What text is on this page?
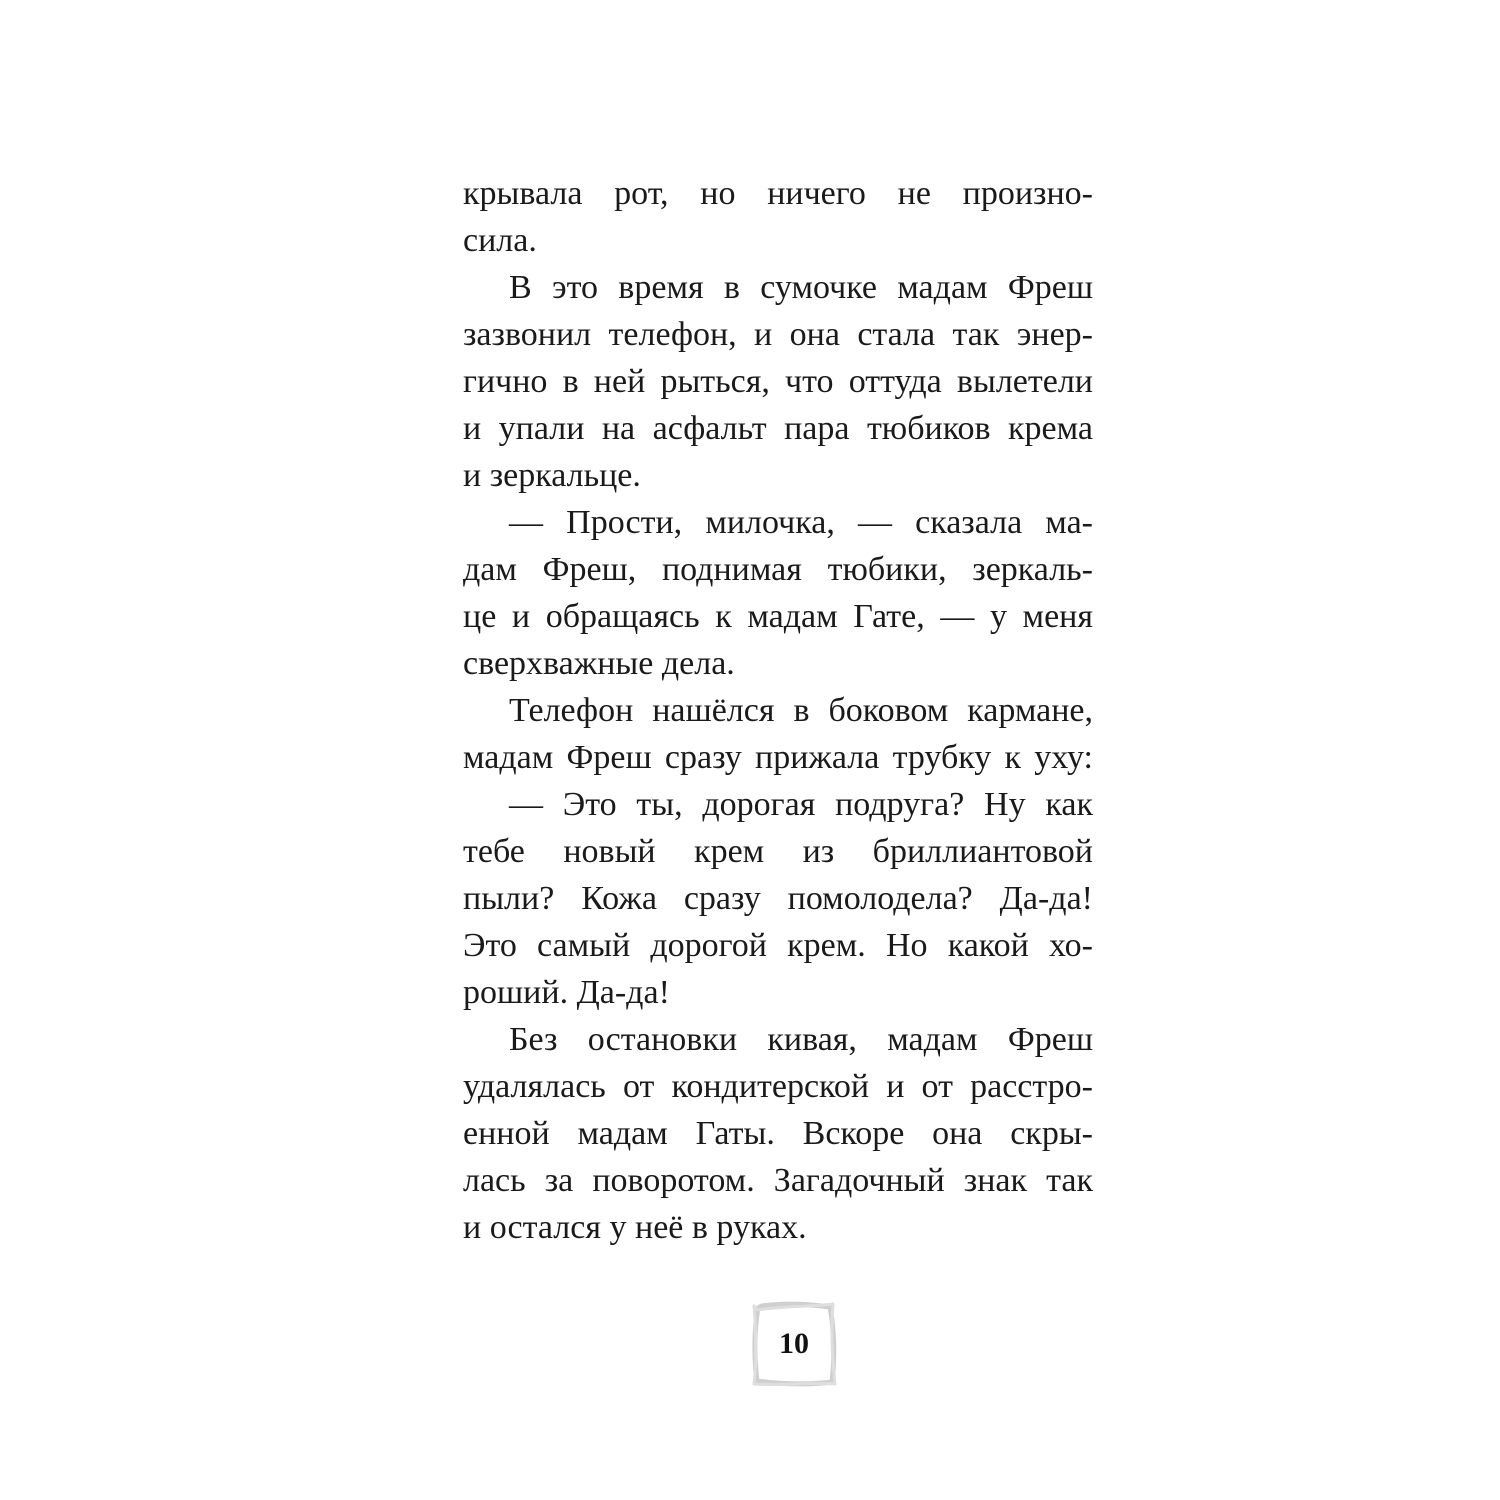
крывала рот, но ничего не произно-
сила.
В это время в сумочке мадам Фреш
зазвонил телефон, и она стала так энер-
гично в ней рыться, что оттуда вылетели
и упали на асфальт пара тюбиков крема
и зеркальце.
— Прости, милочка, — сказала ма-
дам Фреш, поднимая тюбики, зеркаль-
це и обращаясь к мадам Гате, — у меня
сверхважные дела.
Телефон нашёлся в боковом кармане,
мадам Фреш сразу прижала трубку к уху:
— Это ты, дорогая подруга? Ну как
тебе новый крем из бриллиантовой
пыли? Кожа сразу помолодела? Да-да!
Это самый дорогой крем. Но какой хо-
роший. Да-да!
Без остановки кивая, мадам Фреш
удалялась от кондитерской и от расстро-
енной мадам Гаты. Вскоре она скры-
лась за поворотом. Загадочный знак так
и остался у неё в руках.
10
